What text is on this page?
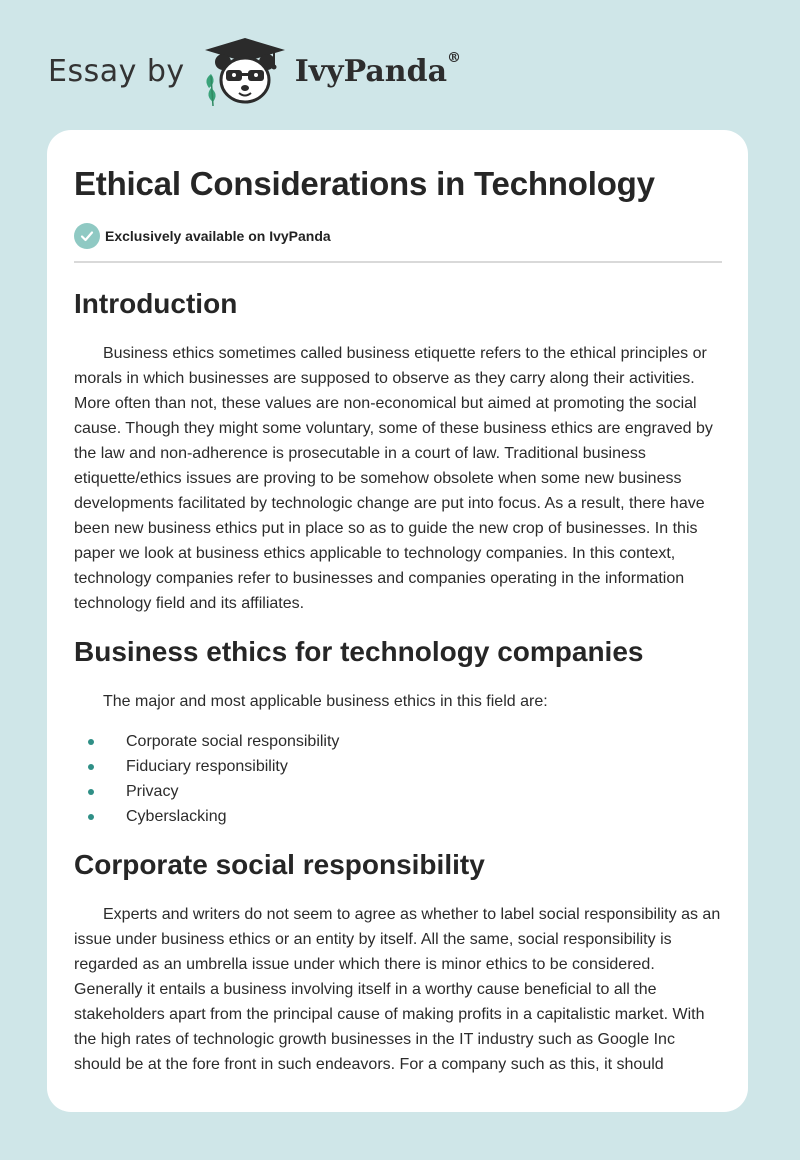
Essay by	IvyPanda®
Ethical Considerations in Technology
Exclusively available on IvyPanda
Introduction

Business ethics sometimes called business etiquette refers to the ethical principles or morals in which businesses are supposed to observe as they carry along their activities. More often than not, these values are non-economical but aimed at promoting the social cause. Though they might some voluntary, some of these business ethics are engraved by the law and non-adherence is prosecutable in a court of law. Traditional business etiquette/ethics issues are proving to be somehow obsolete when some new business developments facilitated by technologic change are put into focus. As a result, there have been new business ethics put in place so as to guide the new crop of businesses. In this paper we look at business ethics applicable to technology companies. In this context, technology companies refer to businesses and companies operating in the information technology field and its affiliates.

Business ethics for technology companies

The major and most applicable business ethics in this field are:

Corporate social responsibility
Fiduciary responsibility
Privacy
Cyberslacking
Corporate social responsibility

Experts and writers do not seem to agree as whether to label social responsibility as an issue under business ethics or an entity by itself. All the same, social responsibility is regarded as an umbrella issue under which there is minor ethics to be considered. Generally it entails a business involving itself in a worthy cause beneficial to all the stakeholders apart from the principal cause of making profits in a capitalistic market. With the high rates of technologic growth businesses in the IT industry such as Google Inc should be at the fore front in such endeavors. For a company such as this, it should
